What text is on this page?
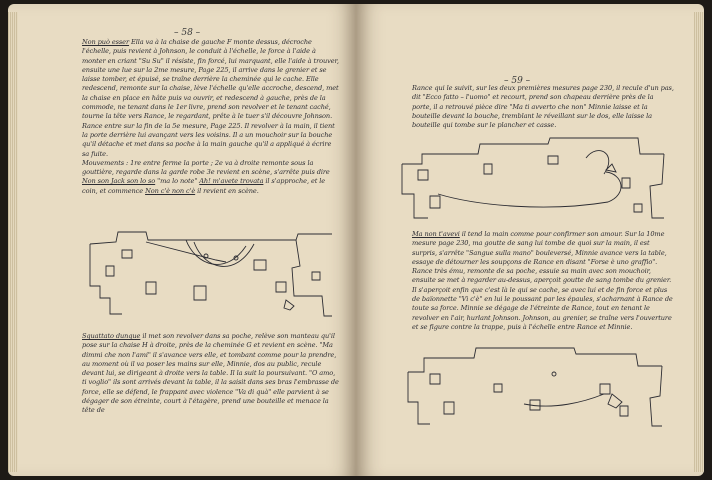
– 58 –

Non può esser Ella va à la chaise de gauche F monte dessus, décroche l'échelle, puis revient à Johnson, le conduit à l'échelle, le force à l'aide à monter en criant "Su Su" il résiste, fin forcé, lui marquant, elle l'aide à trouver, ensuite une lue sur la 2me mesure, Page 225, il arrive dans le grenier et se laisse tomber, et épuisé, se traîne derrière la cheminée qui le cache. Elle redescend, remonte sur la chaise, lève l'échelle qu'elle accroche, descend, met la chaise en place en hâte puis va ouvrir, et redescend à gauche, près de la commode, ne tenant dans le 1er livre, prend son revolver et le tenant caché, tourne la tête vers Rance, le regardant, prête à le tuer s'il découvre Johnson. Rance entre sur la fin de la 5e mesure, Page 225. Il revolver à la main, il tient la porte derrière lui avançant vers les voisins. Il a un mouchoir sur la bouche qu'il détache et met dans sa poche à la main gauche qu'il a appliqué à écrire sa fuite.

Mouvements : 1re entre ferme la porte ; 2e va à droite remonte sous la gouttière, regarde dans la garde robe 3e revient en scène, s'arrête puis dire Non son Jack son lo so "ma lo note" Ah! m'avete trovata il s'approche, et le coin, et commence Non c'è non c'è il revient en scène.

Squattato dunque il met son revolver dans sa poche, relève son manteau qu'il pose sur la chaise H à droite, près de la cheminée G et revient en scène. "Ma dimmi che non l'ami" il s'avance vers elle, et tombant comme pour la prendre, au moment où il va poser les mains sur elle, Minnie, dos au public, recule devant lui, se dirigeant à droite vers la table. Il la suit la poursuivant. "O amo, ti voglio" ils sont arrivés devant la table, il la saisit dans ses bras l'embrasse de force, elle se défend, le frappant avec violence "Va di quà" elle parvient à se dégager de son étreinte, court à l'étagère, prend une bouteille et menace la tête de

– 59 –

Rance qui le suivit, sur les deux premières mesures page 230, il recule d'un pas, dit "Ecco fatto – l'uomo" et recourt, prend son chapeau derrière près de la porte, il a retrouvé pièce dire "Ma ti avverto che non" Minnie laisse et la bouteille devant la bouche, tremblant le réveillant sur le dos, elle laisse la bouteille qui tombe sur le plancher et casse.

Ma non t'avevi il tend la main comme pour confirmer son amour. Sur la 10me mesure page 230, ma goutte de sang lui tombe de quoi sur la main, il est surpris, s'arrête "Sangue sulla mano" bouleversé, Minnie avance vers la table, essaye de détourner les soupçons de Rance en disant "Forse è uno graffio". Rance très ému, remonte de sa poche, essuie sa main avec son mouchoir, ensuite se met à regarder au-dessus, aperçoit goutte de sang tombe du grenier. Il s'aperçoit enfin que c'est là le qui se cache, se avec lui et de fin force et plus de baïonnette "Vi c'è" en lui le poussant par les épaules, s'acharnant à Rance de toute sa force. Minnie se dégage de l'étreinte de Rance, tout en tenant le revolver en l'air, hurlant Johnson. Johnson, au grenier, se traîne vers l'ouverture et se figure contre la trappe, puis à l'échelle entre Rance et Minnie.
